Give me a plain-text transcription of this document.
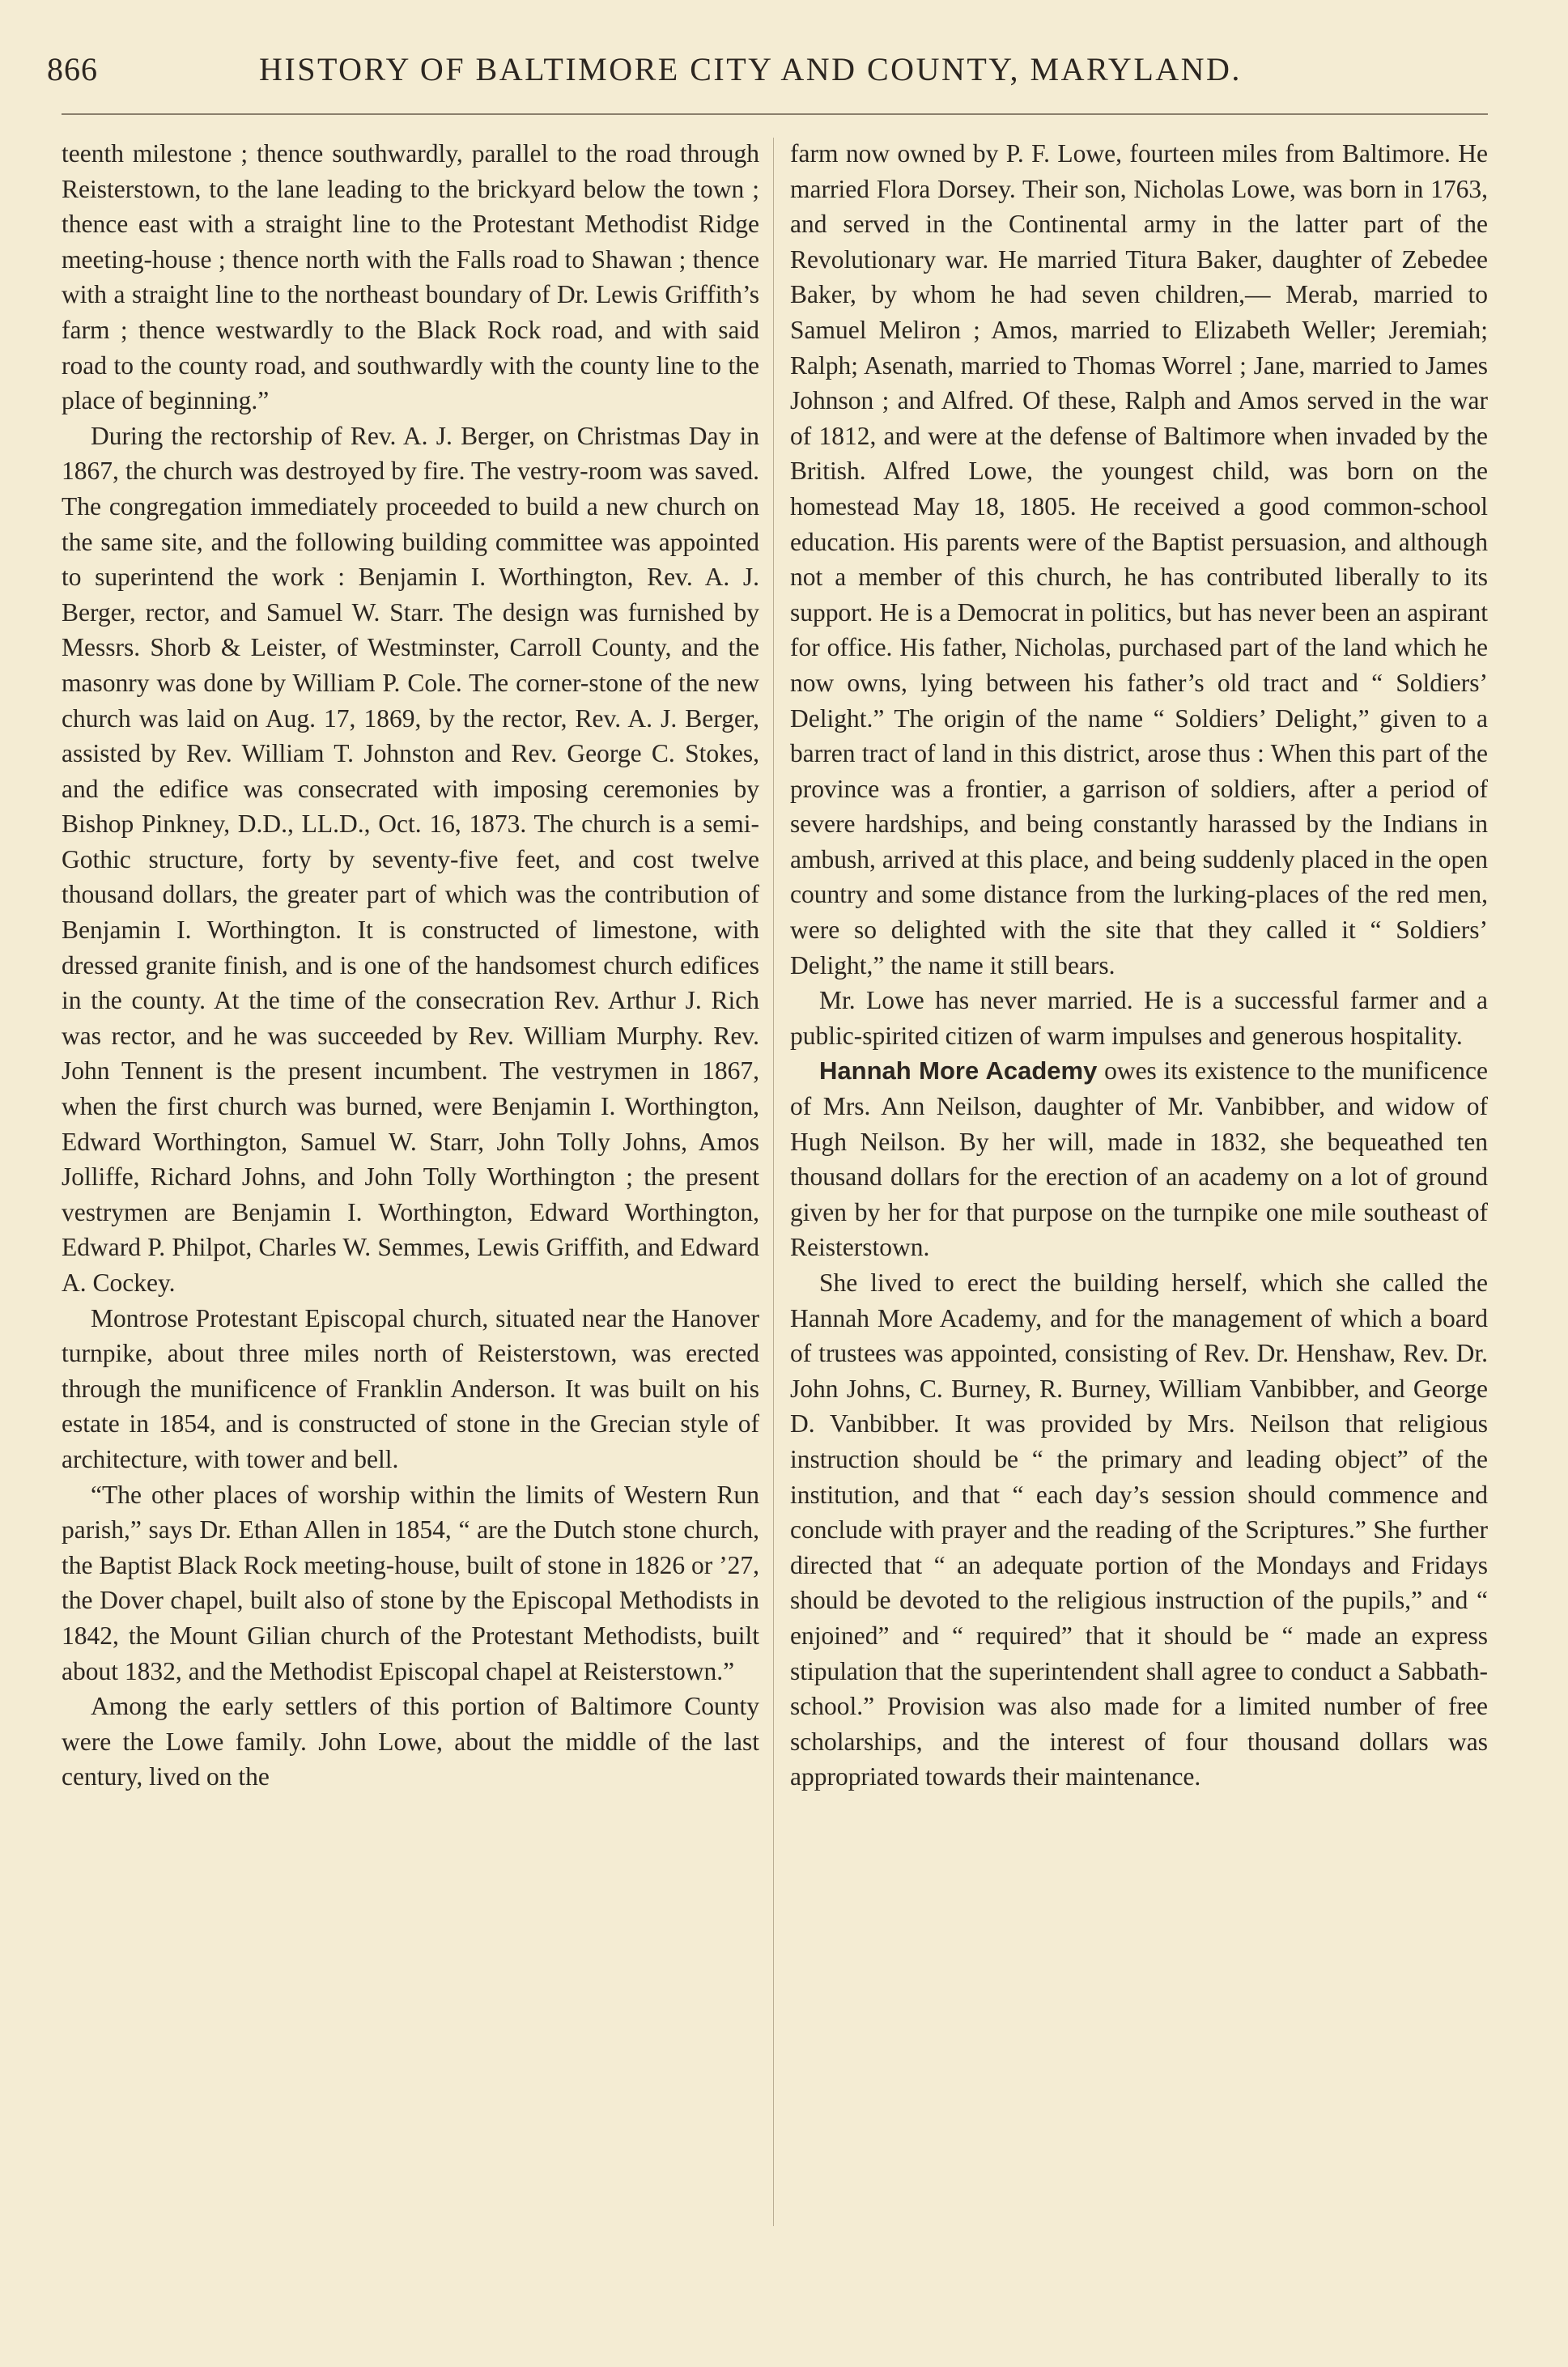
866	HISTORY OF BALTIMORE CITY AND COUNTY, MARYLAND.

teenth milestone ; thence southwardly, parallel to the road through Reisterstown, to the lane leading to the brickyard below the town ; thence east with a straight line to the Protestant Methodist Ridge meeting-house ; thence north with the Falls road to Shawan ; thence with a straight line to the northeast boundary of Dr. Lewis Griffith’s farm ; thence westwardly to the Black Rock road, and with said road to the county road, and southwardly with the county line to the place of beginning.”

During the rectorship of Rev. A. J. Berger, on Christmas Day in 1867, the church was destroyed by fire. The vestry-room was saved. The congregation immediately proceeded to build a new church on the same site, and the following building committee was appointed to superintend the work : Benjamin I. Worthington, Rev. A. J. Berger, rector, and Samuel W. Starr. The design was furnished by Messrs. Shorb & Leister, of Westminster, Carroll County, and the masonry was done by William P. Cole. The corner-stone of the new church was laid on Aug. 17, 1869, by the rector, Rev. A. J. Berger, assisted by Rev. William T. Johnston and Rev. George C. Stokes, and the edifice was consecrated with imposing ceremonies by Bishop Pinkney, D.D., LL.D., Oct. 16, 1873. The church is a semi-Gothic structure, forty by seventy-five feet, and cost twelve thousand dollars, the greater part of which was the contribution of Benjamin I. Worthington. It is constructed of limestone, with dressed granite finish, and is one of the handsomest church edifices in the county. At the time of the consecration Rev. Arthur J. Rich was rector, and he was succeeded by Rev. William Murphy. Rev. John Tennent is the present incumbent. The vestrymen in 1867, when the first church was burned, were Benjamin I. Worthington, Edward Worthington, Samuel W. Starr, John Tolly Johns, Amos Jolliffe, Richard Johns, and John Tolly Worthington ; the present vestrymen are Benjamin I. Worthington, Edward Worthington, Edward P. Philpot, Charles W. Semmes, Lewis Griffith, and Edward A. Cockey.

Montrose Protestant Episcopal church, situated near the Hanover turnpike, about three miles north of Reisterstown, was erected through the munificence of Franklin Anderson. It was built on his estate in 1854, and is constructed of stone in the Grecian style of architecture, with tower and bell.

“The other places of worship within the limits of Western Run parish,” says Dr. Ethan Allen in 1854, “ are the Dutch stone church, the Baptist Black Rock meeting-house, built of stone in 1826 or ’27, the Dover chapel, built also of stone by the Episcopal Methodists in 1842, the Mount Gilian church of the Protestant Methodists, built about 1832, and the Methodist Episcopal chapel at Reisterstown.”

Among the early settlers of this portion of Baltimore County were the Lowe family. John Lowe, about the middle of the last century, lived on the

farm now owned by P. F. Lowe, fourteen miles from Baltimore. He married Flora Dorsey. Their son, Nicholas Lowe, was born in 1763, and served in the Continental army in the latter part of the Revolutionary war. He married Titura Baker, daughter of Zebedee Baker, by whom he had seven children,— Merab, married to Samuel Meliron ; Amos, married to Elizabeth Weller; Jeremiah; Ralph; Asenath, married to Thomas Worrel ; Jane, married to James Johnson ; and Alfred. Of these, Ralph and Amos served in the war of 1812, and were at the defense of Baltimore when invaded by the British. Alfred Lowe, the youngest child, was born on the homestead May 18, 1805. He received a good common-school education. His parents were of the Baptist persuasion, and although not a member of this church, he has contributed liberally to its support. He is a Democrat in politics, but has never been an aspirant for office. His father, Nicholas, purchased part of the land which he now owns, lying between his father’s old tract and “ Soldiers’ Delight.” The origin of the name “ Soldiers’ Delight,” given to a barren tract of land in this district, arose thus : When this part of the province was a frontier, a garrison of soldiers, after a period of severe hardships, and being constantly harassed by the Indians in ambush, arrived at this place, and being suddenly placed in the open country and some distance from the lurking-places of the red men, were so delighted with the site that they called it “ Soldiers’ Delight,” the name it still bears.

Mr. Lowe has never married. He is a successful farmer and a public-spirited citizen of warm impulses and generous hospitality.

Hannah More Academy owes its existence to the munificence of Mrs. Ann Neilson, daughter of Mr. Vanbibber, and widow of Hugh Neilson. By her will, made in 1832, she bequeathed ten thousand dollars for the erection of an academy on a lot of ground given by her for that purpose on the turnpike one mile southeast of Reisterstown.

She lived to erect the building herself, which she called the Hannah More Academy, and for the management of which a board of trustees was appointed, consisting of Rev. Dr. Henshaw, Rev. Dr. John Johns, C. Burney, R. Burney, William Vanbibber, and George D. Vanbibber. It was provided by Mrs. Neilson that religious instruction should be “ the primary and leading object” of the institution, and that “ each day’s session should commence and conclude with prayer and the reading of the Scriptures.” She further directed that “ an adequate portion of the Mondays and Fridays should be devoted to the religious instruction of the pupils,” and “ enjoined” and “ required” that it should be “ made an express stipulation that the superintendent shall agree to conduct a Sabbath-school.” Provision was also made for a limited number of free scholarships, and the interest of four thousand dollars was appropriated towards their maintenance.
